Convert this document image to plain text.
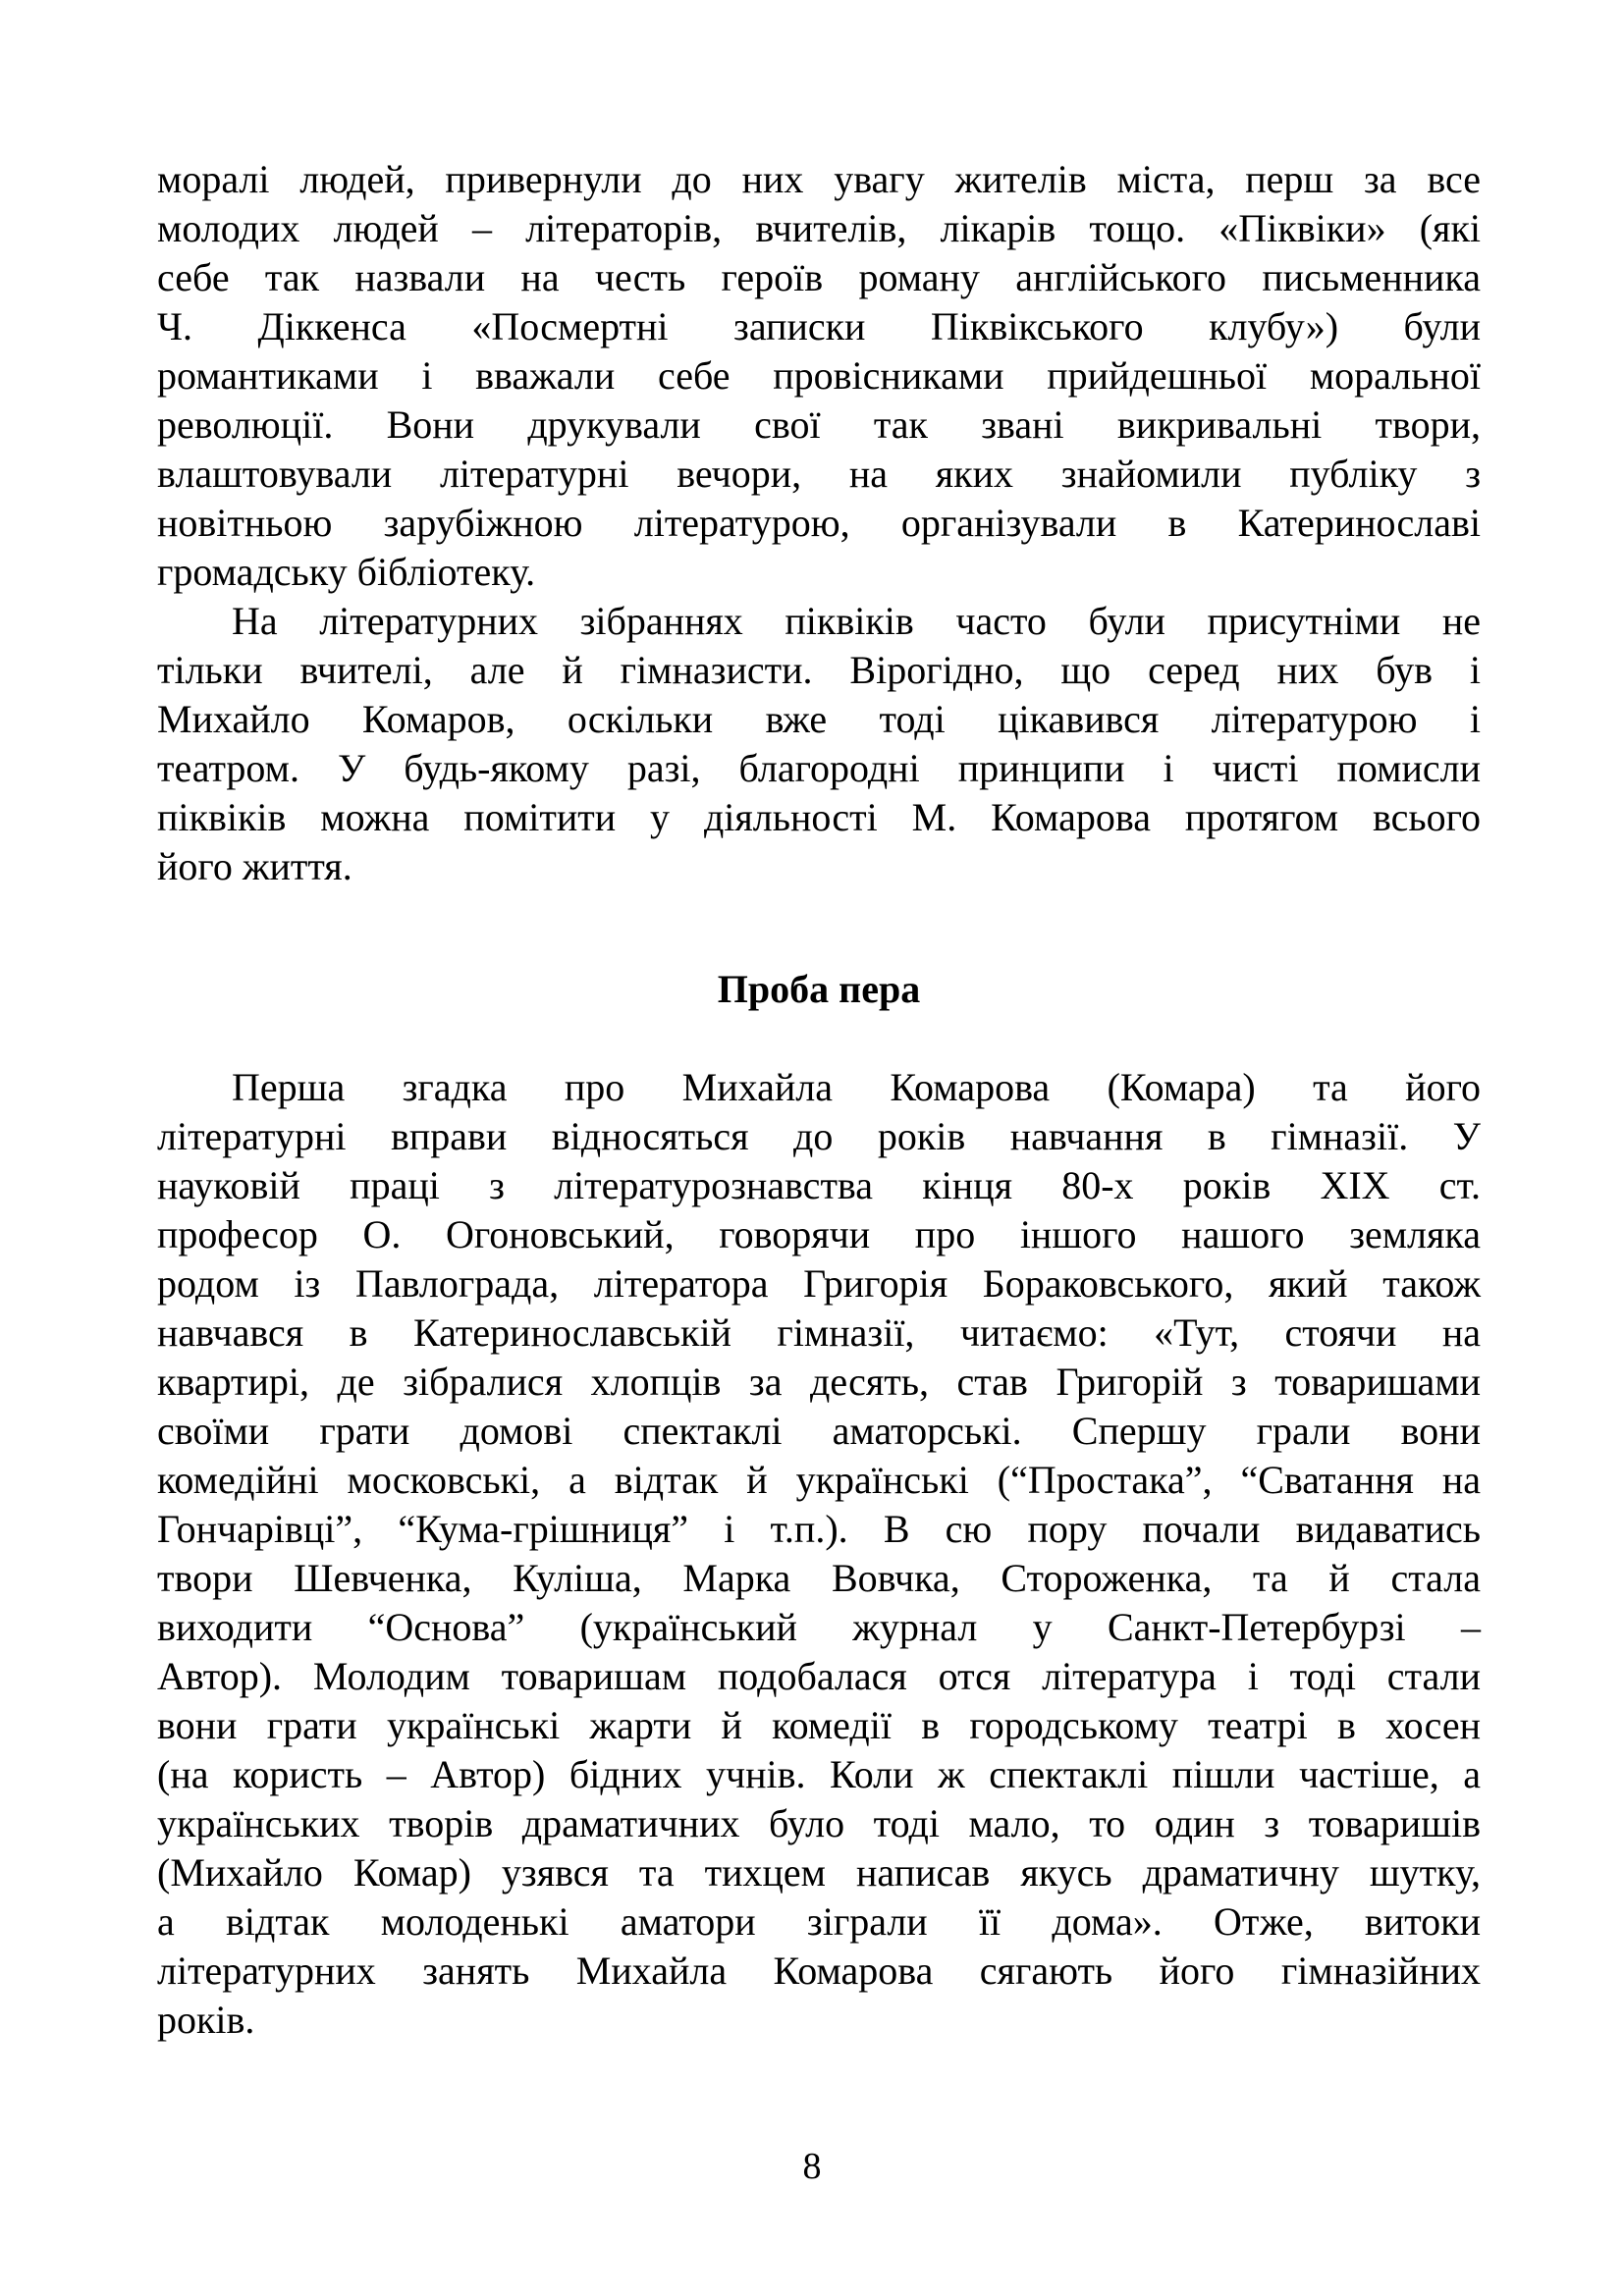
моралі людей, привернули до них увагу жителів міста, перш за все
молодих людей – літераторів, вчителів, лікарів тощо. «Піквіки» (які
себе так назвали на честь героїв роману англійського письменника
Ч. Діккенса «Посмертні записки Піквікського клубу») були
романтиками і вважали себе провісниками прийдешньої моральної
революції. Вони друкували свої так звані викривальні твори,
влаштовували літературні вечори, на яких знайомили публіку з
новітньою зарубіжною літературою, організували в Катеринославі
громадську бібліотеку.
На літературних зібраннях піквіків часто були присутніми не
тільки вчителі, але й гімназисти. Вірогідно, що серед них був і
Михайло Комаров, оскільки вже тоді цікавився літературою і
театром. У будь-якому разі, благородні принципи і чисті помисли
піквіків можна помітити у діяльності М. Комарова протягом всього
його життя.
Проба пера
Перша згадка про Михайла Комарова (Комара) та його
літературні вправи відносяться до років навчання в гімназії. У
науковій праці з літературознавства кінця 80-х років XIX ст.
професор О. Огоновський, говорячи про іншого нашого земляка
родом із Павлограда, літератора Григорія Бораковського, який також
навчався в Катеринославській гімназії, читаємо: «Тут, стоячи на
квартирі, де зібралися хлопців за десять, став Григорій з товаришами
своїми грати домові спектаклі аматорські. Спершу грали вони
комедійні московські, а відтак й українські (“Простака”, “Сватання на
Гончарівці”, “Кума-грішниця” і т.п.). В сю пору почали видаватись
твори Шевченка, Куліша, Марка Вовчка, Стороженка, та й стала
виходити “Основа” (український журнал у Санкт-Петербурзі –
Автор). Молодим товаришам подобалася отся література і тоді стали
вони грати українські жарти й комедії в городському театрі в хосен
(на користь – Автор) бідних учнів. Коли ж спектаклі пішли частіше, а
українських творів драматичних було тоді мало, то один з товаришів
(Михайло Комар) узявся та тихцем написав якусь драматичну шутку,
а відтак молоденькі аматори зіграли її дома». Отже, витоки
літературних занять Михайла Комарова сягають його гімназійних
років.
8
